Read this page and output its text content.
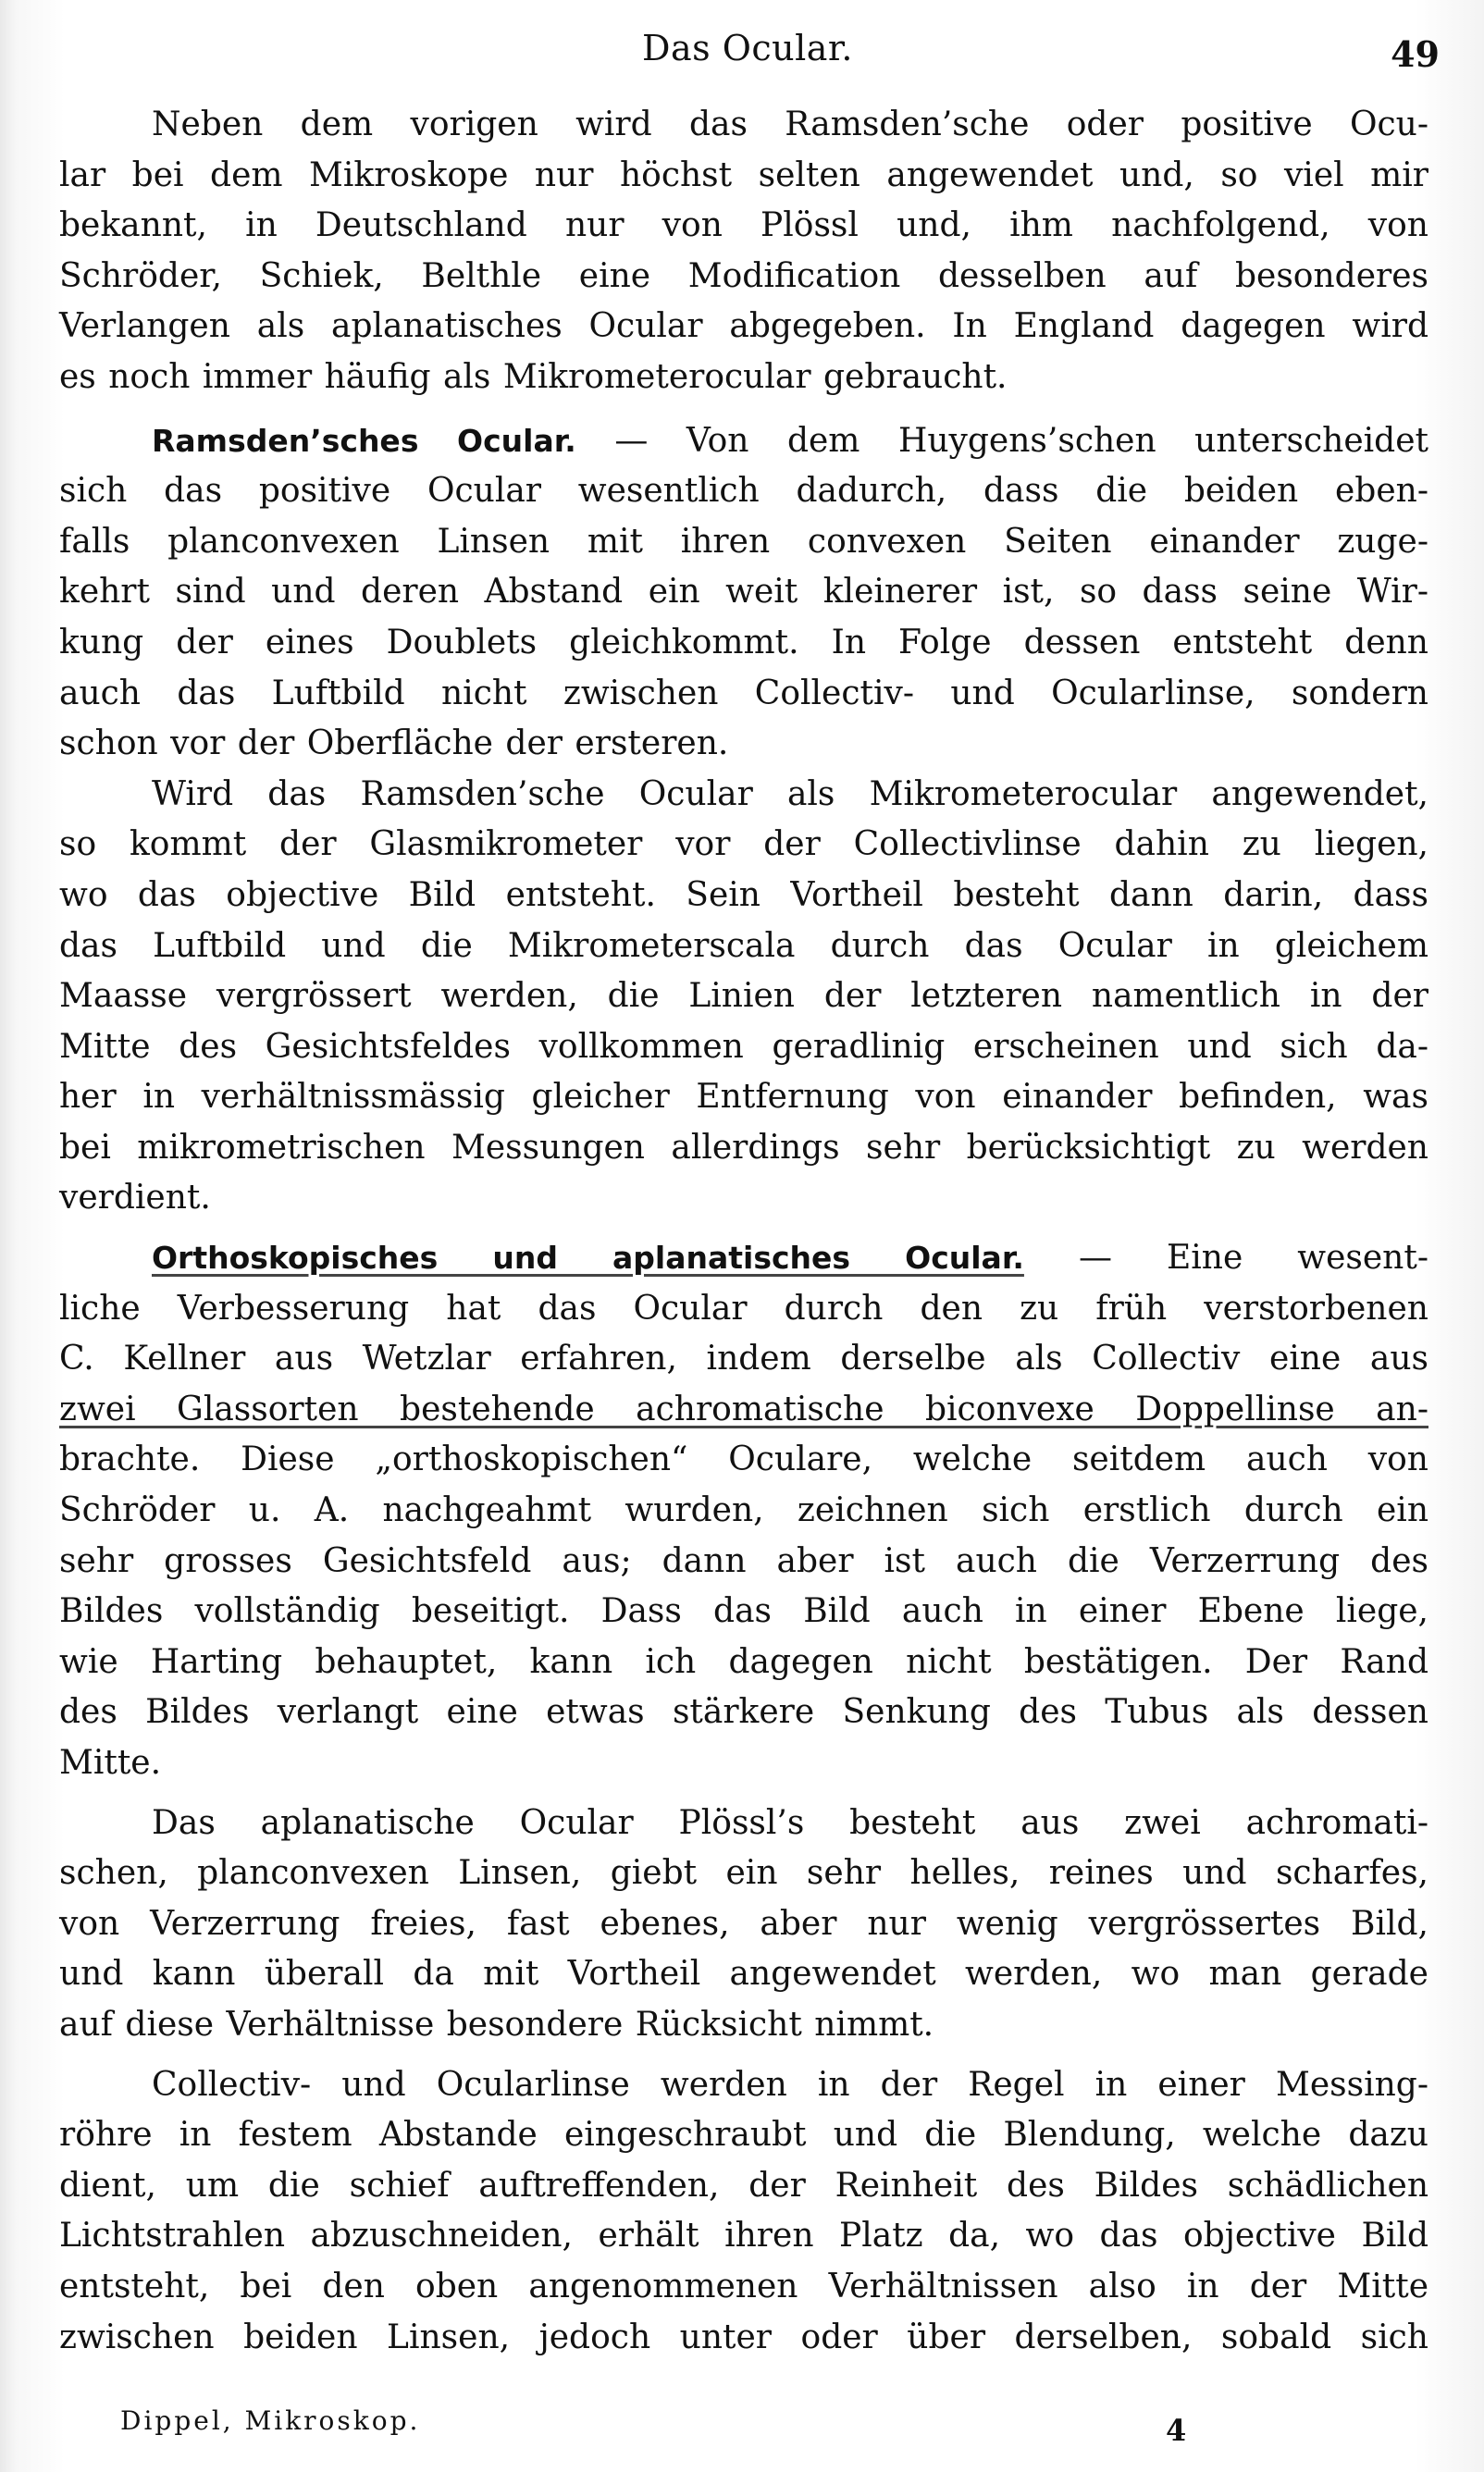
Das Ocular.	49
Neben dem vorigen wird das Ramsden’sche oder positive Ocu-
lar bei dem Mikroskope nur höchst selten angewendet und, so viel mir
bekannt, in Deutschland nur von Plössl und, ihm nachfolgend, von
Schröder, Schiek, Belthle eine Modification desselben auf besonderes
Verlangen als aplanatisches Ocular abgegeben. In England dagegen wird
es noch immer häufig als Mikrometerocular gebraucht.
Ramsden’sches Ocular. — Von dem Huygens’schen unterscheidet
sich das positive Ocular wesentlich dadurch, dass die beiden eben-
falls planconvexen Linsen mit ihren convexen Seiten einander zuge-
kehrt sind und deren Abstand ein weit kleinerer ist, so dass seine Wir-
kung der eines Doublets gleichkommt. In Folge dessen entsteht denn
auch das Luftbild nicht zwischen Collectiv- und Ocularlinse, sondern
schon vor der Oberfläche der ersteren.
Wird das Ramsden’sche Ocular als Mikrometerocular angewendet,
so kommt der Glasmikrometer vor der Collectivlinse dahin zu liegen,
wo das objective Bild entsteht. Sein Vortheil besteht dann darin, dass
das Luftbild und die Mikrometerscala durch das Ocular in gleichem
Maasse vergrössert werden, die Linien der letzteren namentlich in der
Mitte des Gesichtsfeldes vollkommen geradlinig erscheinen und sich da-
her in verhältnissmässig gleicher Entfernung von einander befinden, was
bei mikrometrischen Messungen allerdings sehr berücksichtigt zu werden
verdient.
Orthoskopisches und aplanatisches Ocular. — Eine wesent-
liche Verbesserung hat das Ocular durch den zu früh verstorbenen
C. Kellner aus Wetzlar erfahren, indem derselbe als Collectiv eine aus
zwei Glassorten bestehende achromatische biconvexe Doppellinse an-
brachte. Diese „orthoskopischen“ Oculare, welche seitdem auch von
Schröder u. A. nachgeahmt wurden, zeichnen sich erstlich durch ein
sehr grosses Gesichtsfeld aus; dann aber ist auch die Verzerrung des
Bildes vollständig beseitigt. Dass das Bild auch in einer Ebene liege,
wie Harting behauptet, kann ich dagegen nicht bestätigen. Der Rand
des Bildes verlangt eine etwas stärkere Senkung des Tubus als dessen
Mitte.
Das aplanatische Ocular Plössl’s besteht aus zwei achromati-
schen, planconvexen Linsen, giebt ein sehr helles, reines und scharfes,
von Verzerrung freies, fast ebenes, aber nur wenig vergrössertes Bild,
und kann überall da mit Vortheil angewendet werden, wo man gerade
auf diese Verhältnisse besondere Rücksicht nimmt.
Collectiv- und Ocularlinse werden in der Regel in einer Messing-
röhre in festem Abstande eingeschraubt und die Blendung, welche dazu
dient, um die schief auftreffenden, der Reinheit des Bildes schädlichen
Lichtstrahlen abzuschneiden, erhält ihren Platz da, wo das objective Bild
entsteht, bei den oben angenommenen Verhältnissen also in der Mitte
zwischen beiden Linsen, jedoch unter oder über derselben, sobald sich
Dippel, Mikroskop.	4
